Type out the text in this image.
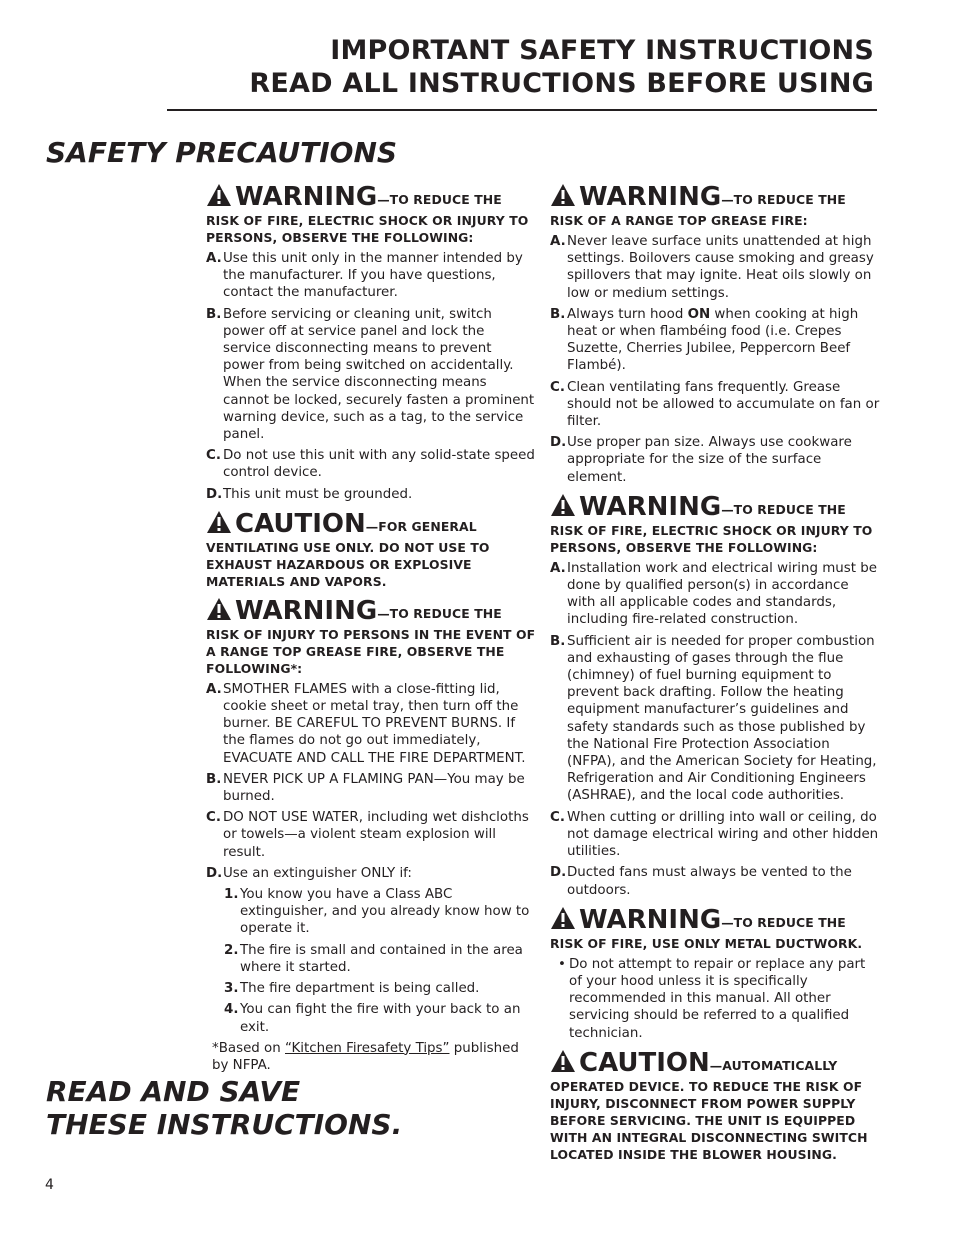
IMPORTANT SAFETY INSTRUCTIONS
READ ALL INSTRUCTIONS BEFORE USING
SAFETY PRECAUTIONS
WARNING—TO REDUCE THE RISK OF FIRE, ELECTRIC SHOCK OR INJURY TO PERSONS, OBSERVE THE FOLLOWING:
A. Use this unit only in the manner intended by the manufacturer. If you have questions, contact the manufacturer.
B. Before servicing or cleaning unit, switch power off at service panel and lock the service disconnecting means to prevent power from being switched on accidentally. When the service disconnecting means cannot be locked, securely fasten a prominent warning device, such as a tag, to the service panel.
C. Do not use this unit with any solid-state speed control device.
D. This unit must be grounded.
CAUTION—FOR GENERAL VENTILATING USE ONLY. DO NOT USE TO EXHAUST HAZARDOUS OR EXPLOSIVE MATERIALS AND VAPORS.
WARNING—TO REDUCE THE RISK OF INJURY TO PERSONS IN THE EVENT OF A RANGE TOP GREASE FIRE, OBSERVE THE FOLLOWING*:
A. SMOTHER FLAMES with a close-fitting lid, cookie sheet or metal tray, then turn off the burner. BE CAREFUL TO PREVENT BURNS. If the flames do not go out immediately, EVACUATE AND CALL THE FIRE DEPARTMENT.
B. NEVER PICK UP A FLAMING PAN—You may be burned.
C. DO NOT USE WATER, including wet dishcloths or towels—a violent steam explosion will result.
D. Use an extinguisher ONLY if:
1. You know you have a Class ABC extinguisher, and you already know how to operate it.
2. The fire is small and contained in the area where it started.
3. The fire department is being called.
4. You can fight the fire with your back to an exit.
*Based on “Kitchen Firesafety Tips” published by NFPA.
WARNING—TO REDUCE THE RISK OF A RANGE TOP GREASE FIRE:
A. Never leave surface units unattended at high settings. Boilovers cause smoking and greasy spillovers that may ignite. Heat oils slowly on low or medium settings.
B. Always turn hood ON when cooking at high heat or when flambéing food (i.e. Crepes Suzette, Cherries Jubilee, Peppercorn Beef Flambé).
C. Clean ventilating fans frequently. Grease should not be allowed to accumulate on fan or filter.
D. Use proper pan size. Always use cookware appropriate for the size of the surface element.
WARNING—TO REDUCE THE RISK OF FIRE, ELECTRIC SHOCK OR INJURY TO PERSONS, OBSERVE THE FOLLOWING:
A. Installation work and electrical wiring must be done by qualified person(s) in accordance with all applicable codes and standards, including fire-related construction.
B. Sufficient air is needed for proper combustion and exhausting of gases through the flue (chimney) of fuel burning equipment to prevent back drafting. Follow the heating equipment manufacturer’s guidelines and safety standards such as those published by the National Fire Protection Association (NFPA), and the American Society for Heating, Refrigeration and Air Conditioning Engineers (ASHRAE), and the local code authorities.
C. When cutting or drilling into wall or ceiling, do not damage electrical wiring and other hidden utilities.
D. Ducted fans must always be vented to the outdoors.
WARNING—TO REDUCE THE RISK OF FIRE, USE ONLY METAL DUCTWORK.
• Do not attempt to repair or replace any part of your hood unless it is specifically recommended in this manual. All other servicing should be referred to a qualified technician.
CAUTION—AUTOMATICALLY OPERATED DEVICE. TO REDUCE THE RISK OF INJURY, DISCONNECT FROM POWER SUPPLY BEFORE SERVICING. THE UNIT IS EQUIPPED WITH AN INTEGRAL DISCONNECTING SWITCH LOCATED INSIDE THE BLOWER HOUSING.
READ AND SAVE
THESE INSTRUCTIONS.
4
